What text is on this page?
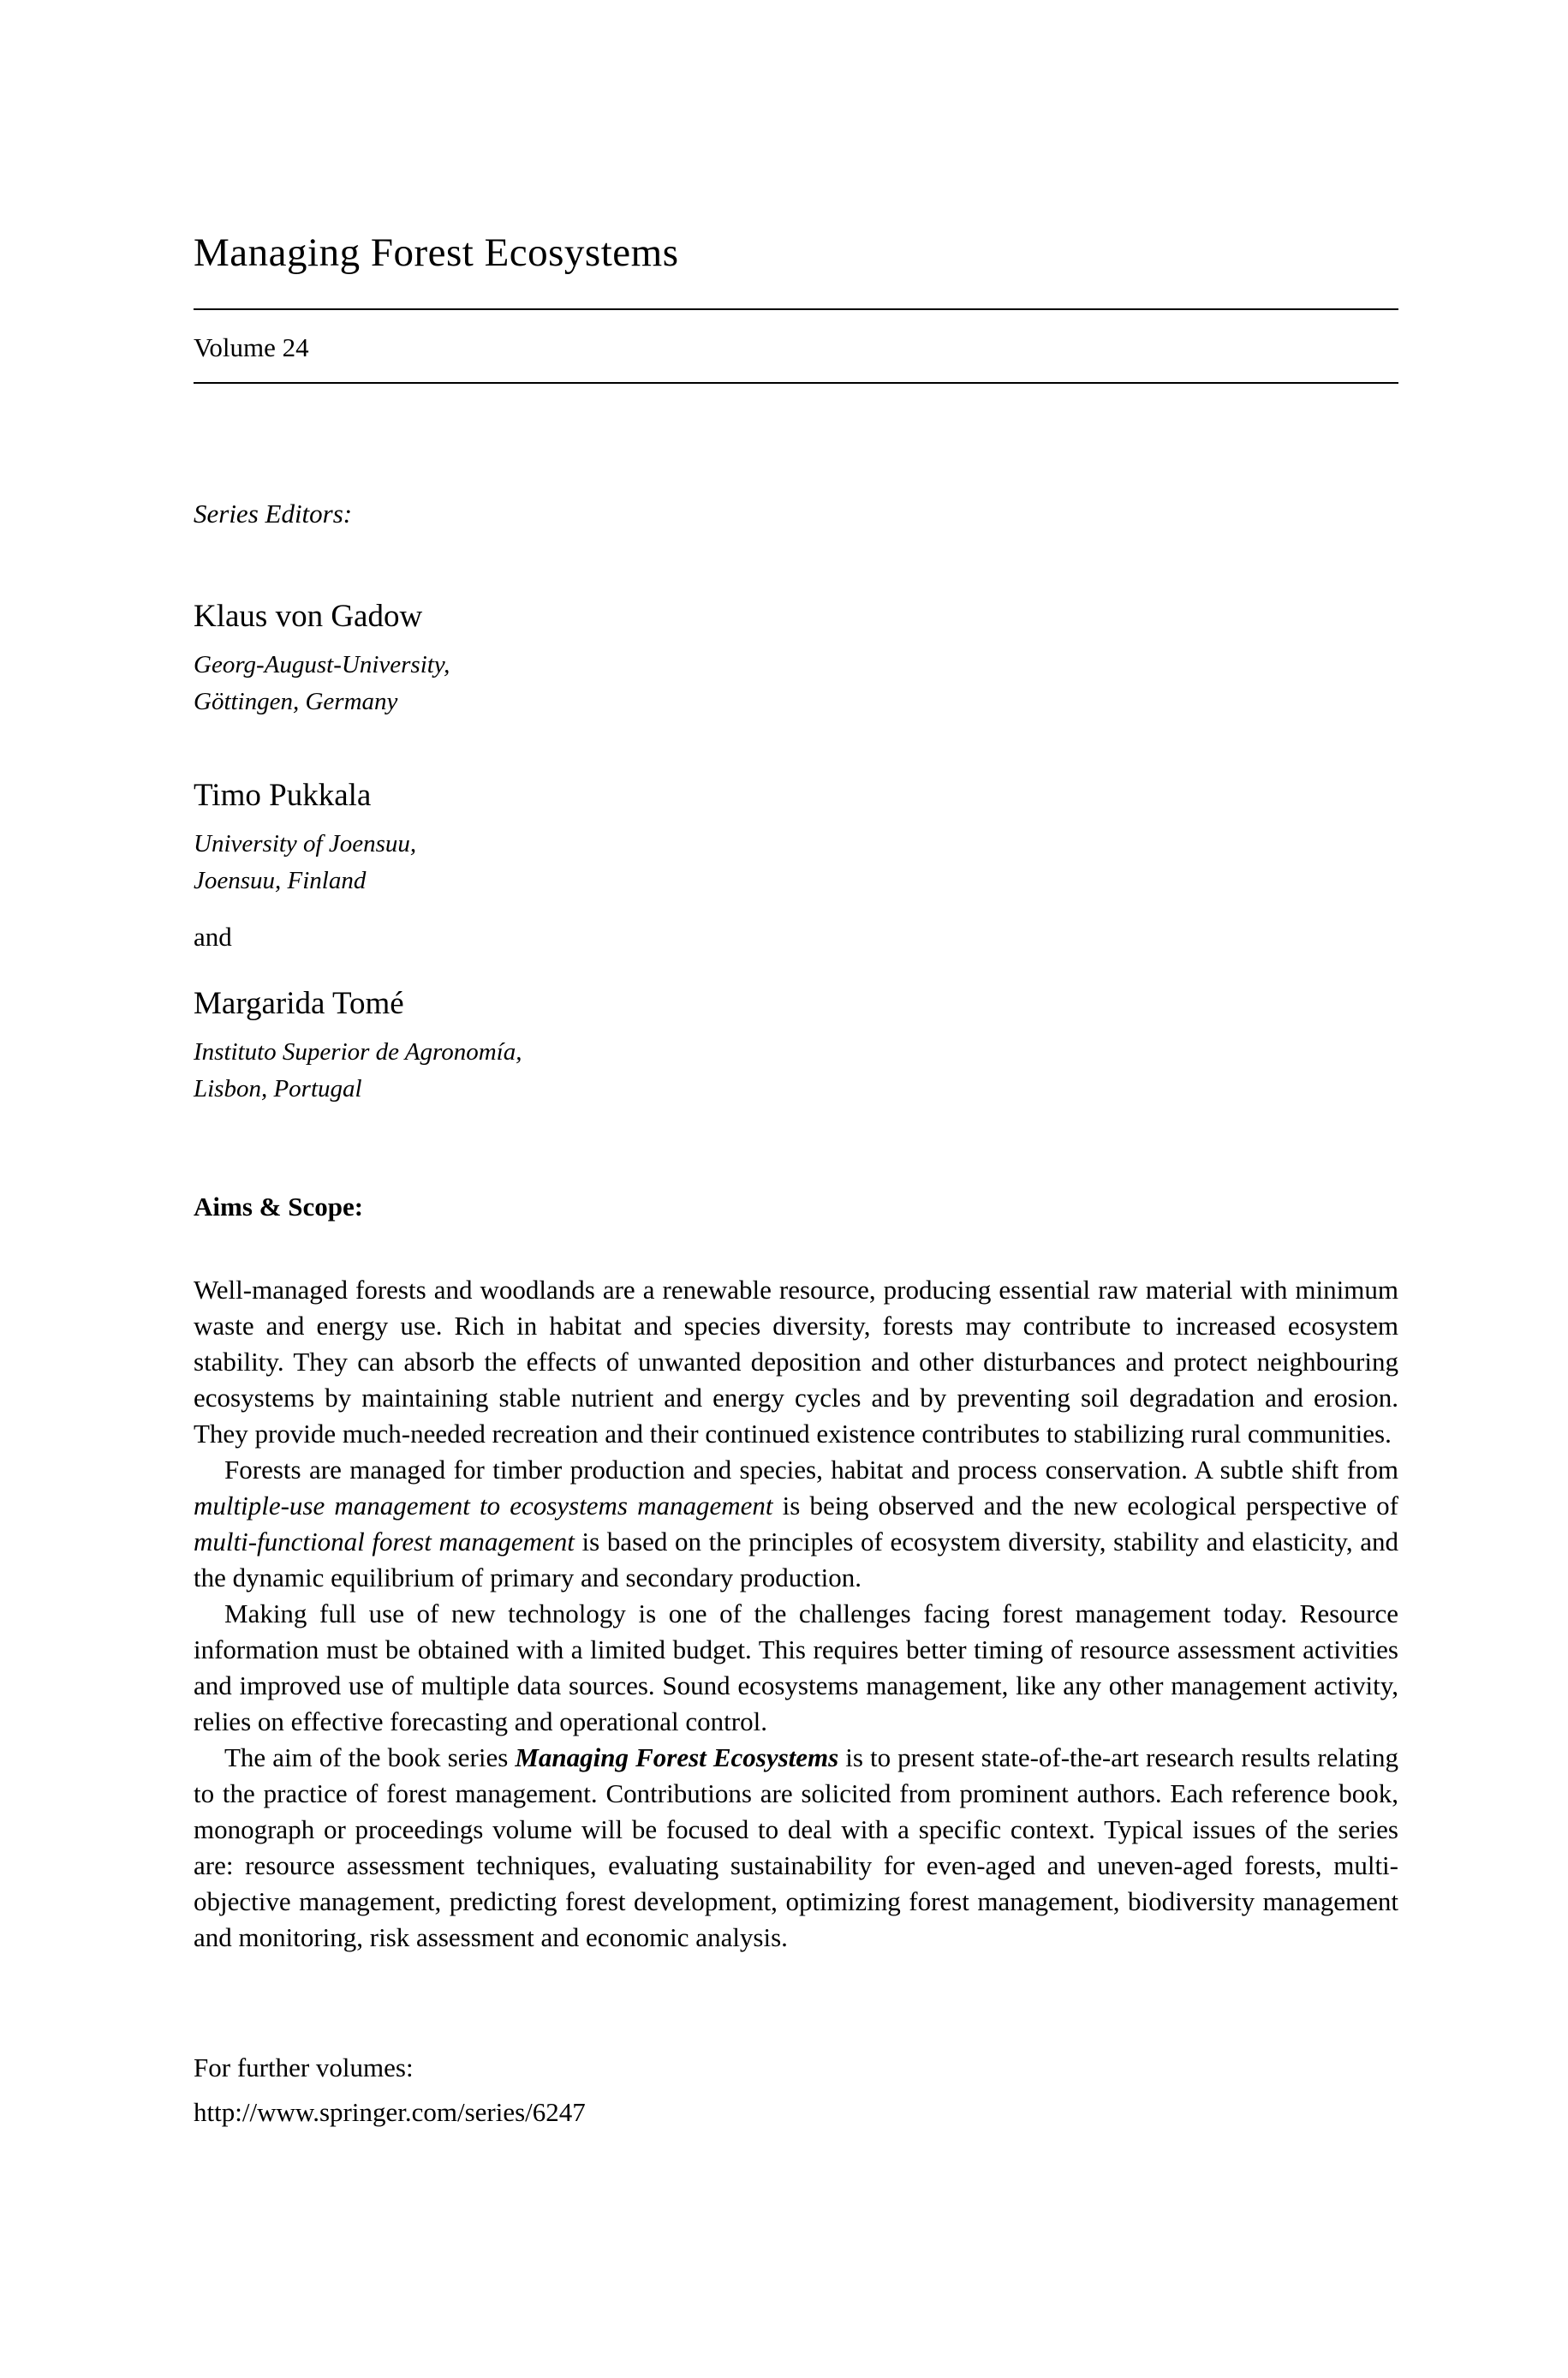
Managing Forest Ecosystems
Volume 24
Series Editors:
Klaus von Gadow
Georg-August-University,
Göttingen, Germany
Timo Pukkala
University of Joensuu,
Joensuu, Finland
and
Margarida Tomé
Instituto Superior de Agronomía,
Lisbon, Portugal
Aims & Scope:

Well-managed forests and woodlands are a renewable resource, producing essential raw material with minimum waste and energy use. Rich in habitat and species diversity, forests may contribute to increased ecosystem stability. They can absorb the effects of unwanted deposition and other disturbances and protect neighbouring ecosystems by maintaining stable nutrient and energy cycles and by preventing soil degradation and erosion. They provide much-needed recreation and their continued existence contributes to stabilizing rural communities.

Forests are managed for timber production and species, habitat and process conservation. A subtle shift from multiple-use management to ecosystems management is being observed and the new ecological perspective of multi-functional forest management is based on the principles of ecosystem diversity, stability and elasticity, and the dynamic equilibrium of primary and secondary production.

Making full use of new technology is one of the challenges facing forest management today. Resource information must be obtained with a limited budget. This requires better timing of resource assessment activities and improved use of multiple data sources. Sound ecosystems management, like any other management activity, relies on effective forecasting and operational control.

The aim of the book series Managing Forest Ecosystems is to present state-of-the-art research results relating to the practice of forest management. Contributions are solicited from prominent authors. Each reference book, monograph or proceedings volume will be focused to deal with a specific context. Typical issues of the series are: resource assessment techniques, evaluating sustainability for even-aged and uneven-aged forests, multi-objective management, predicting forest development, optimizing forest management, biodiversity management and monitoring, risk assessment and economic analysis.

For further volumes:
http://www.springer.com/series/6247
